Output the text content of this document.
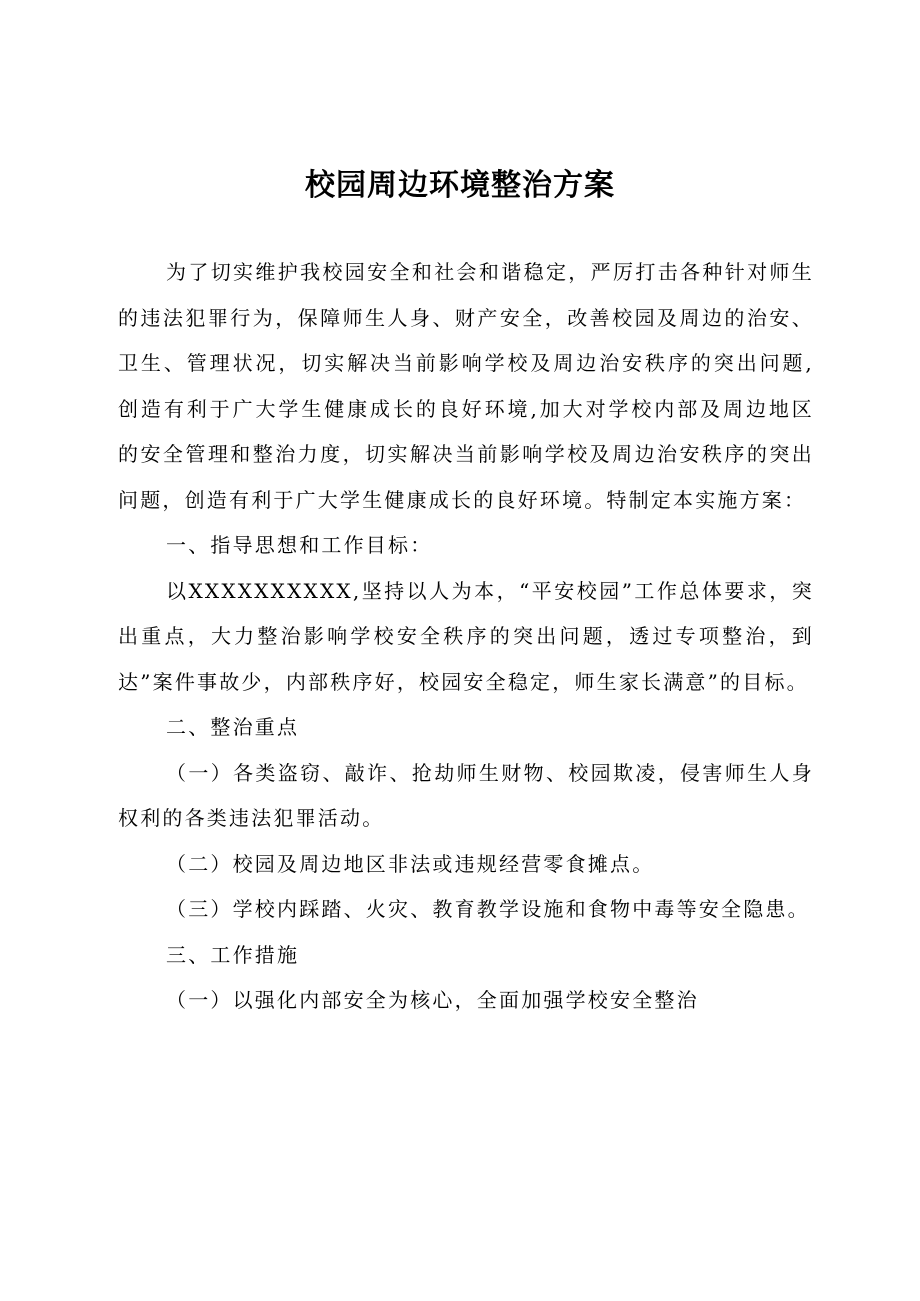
校园周边环境整治方案

为了切实维护我校园安全和社会和谐稳定，严厉打击各种针对师生的违法犯罪行为，保障师生人身、财产安全，改善校园及周边的治安、卫生、管理状况，切实解决当前影响学校及周边治安秩序的突出问题,创造有利于广大学生健康成长的良好环境,加大对学校内部及周边地区的安全管理和整治力度，切实解决当前影响学校及周边治安秩序的突出问题，创造有利于广大学生健康成长的良好环境。特制定本实施方案：

一、指导思想和工作目标：

以XXXXXXXXXX,坚持以人为本，“平安校园”工作总体要求，突出重点，大力整治影响学校安全秩序的突出问题，透过专项整治，到达”案件事故少，内部秩序好，校园安全稳定，师生家长满意”的目标。

二、整治重点

（一）各类盗窃、敲诈、抢劫师生财物、校园欺凌，侵害师生人身权利的各类违法犯罪活动。

（二）校园及周边地区非法或违规经营零食摊点。

（三）学校内踩踏、火灾、教育教学设施和食物中毒等安全隐患。

三、工作措施

（一）以强化内部安全为核心，全面加强学校安全整治
